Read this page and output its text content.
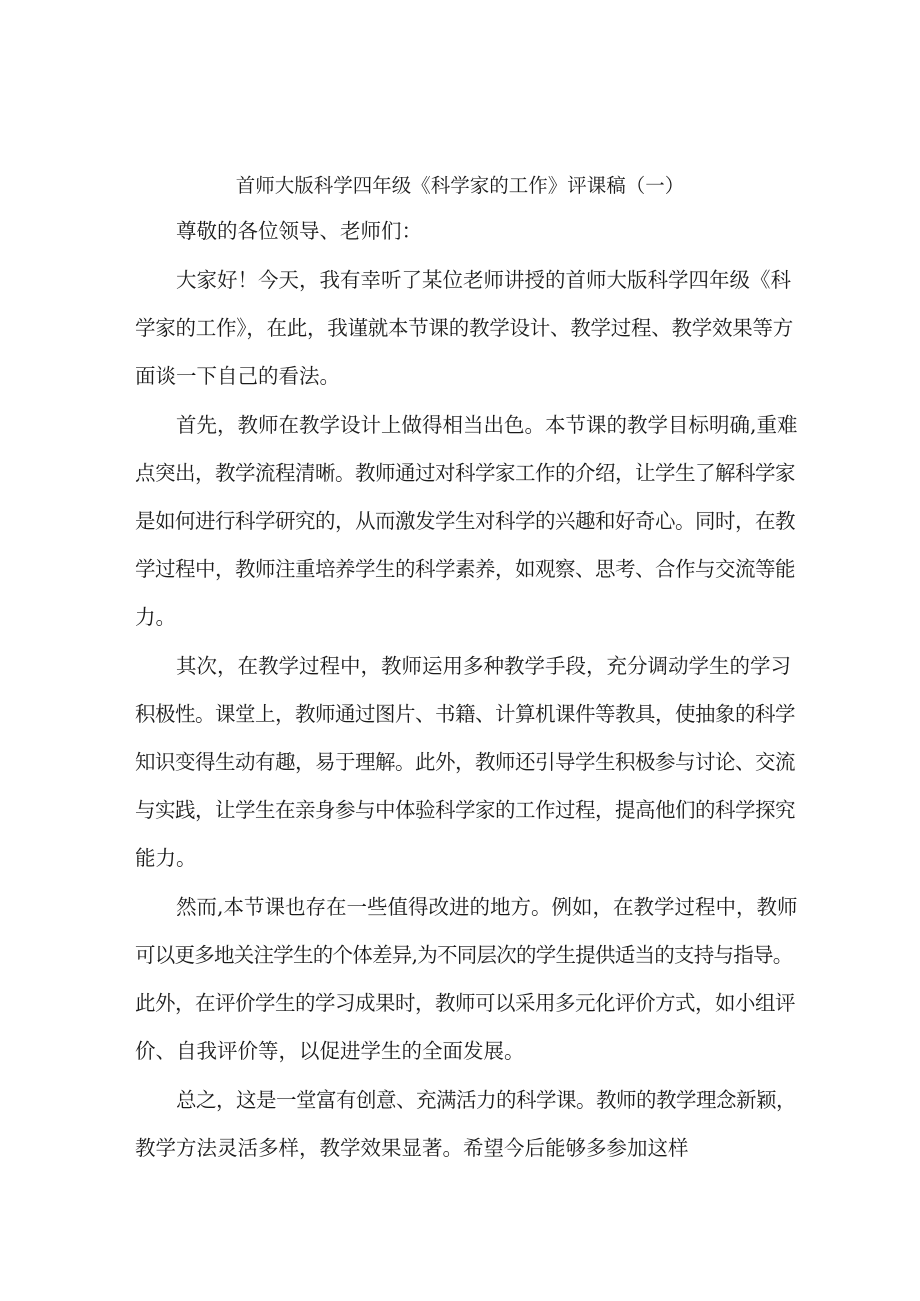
首师大版科学四年级《科学家的工作》评课稿（一）
尊敬的各位领导、老师们：
大家好！今天，我有幸听了某位老师讲授的首师大版科学四年级《科
学家的工作》，在此，我谨就本节课的教学设计、教学过程、教学效果等方
面谈一下自己的看法。
首先，教师在教学设计上做得相当出色。本节课的教学目标明确,重难
点突出，教学流程清晰。教师通过对科学家工作的介绍，让学生了解科学家
是如何进行科学研究的，从而激发学生对科学的兴趣和好奇心。同时，在教
学过程中，教师注重培养学生的科学素养，如观察、思考、合作与交流等能
力。
其次，在教学过程中，教师运用多种教学手段，充分调动学生的学习
积极性。课堂上，教师通过图片、书籍、计算机课件等教具，使抽象的科学
知识变得生动有趣，易于理解。此外，教师还引导学生积极参与讨论、交流
与实践，让学生在亲身参与中体验科学家的工作过程，提高他们的科学探究
能力。
然而,本节课也存在一些值得改进的地方。例如，在教学过程中，教师
可以更多地关注学生的个体差异,为不同层次的学生提供适当的支持与指导。
此外，在评价学生的学习成果时，教师可以采用多元化评价方式，如小组评
价、自我评价等，以促进学生的全面发展。
总之，这是一堂富有创意、充满活力的科学课。教师的教学理念新颖，
教学方法灵活多样，教学效果显著。希望今后能够多参加这样
